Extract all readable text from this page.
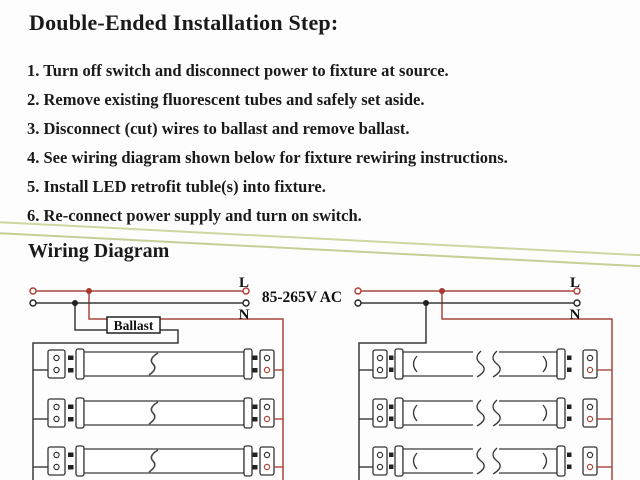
Double-Ended Installation Step:
1. Turn off switch and disconnect power to fixture at source.
2. Remove existing fluorescent tubes and safely set aside.
3. Disconnect (cut) wires to ballast and remove ballast.
4. See wiring diagram shown below for fixture rewiring instructions.
5. Install LED retrofit tuble(s) into fixture.
6. Re-connect power supply and turn on switch.
Wiring Diagram
L
N
Ballast
85-265V AC
L
N
